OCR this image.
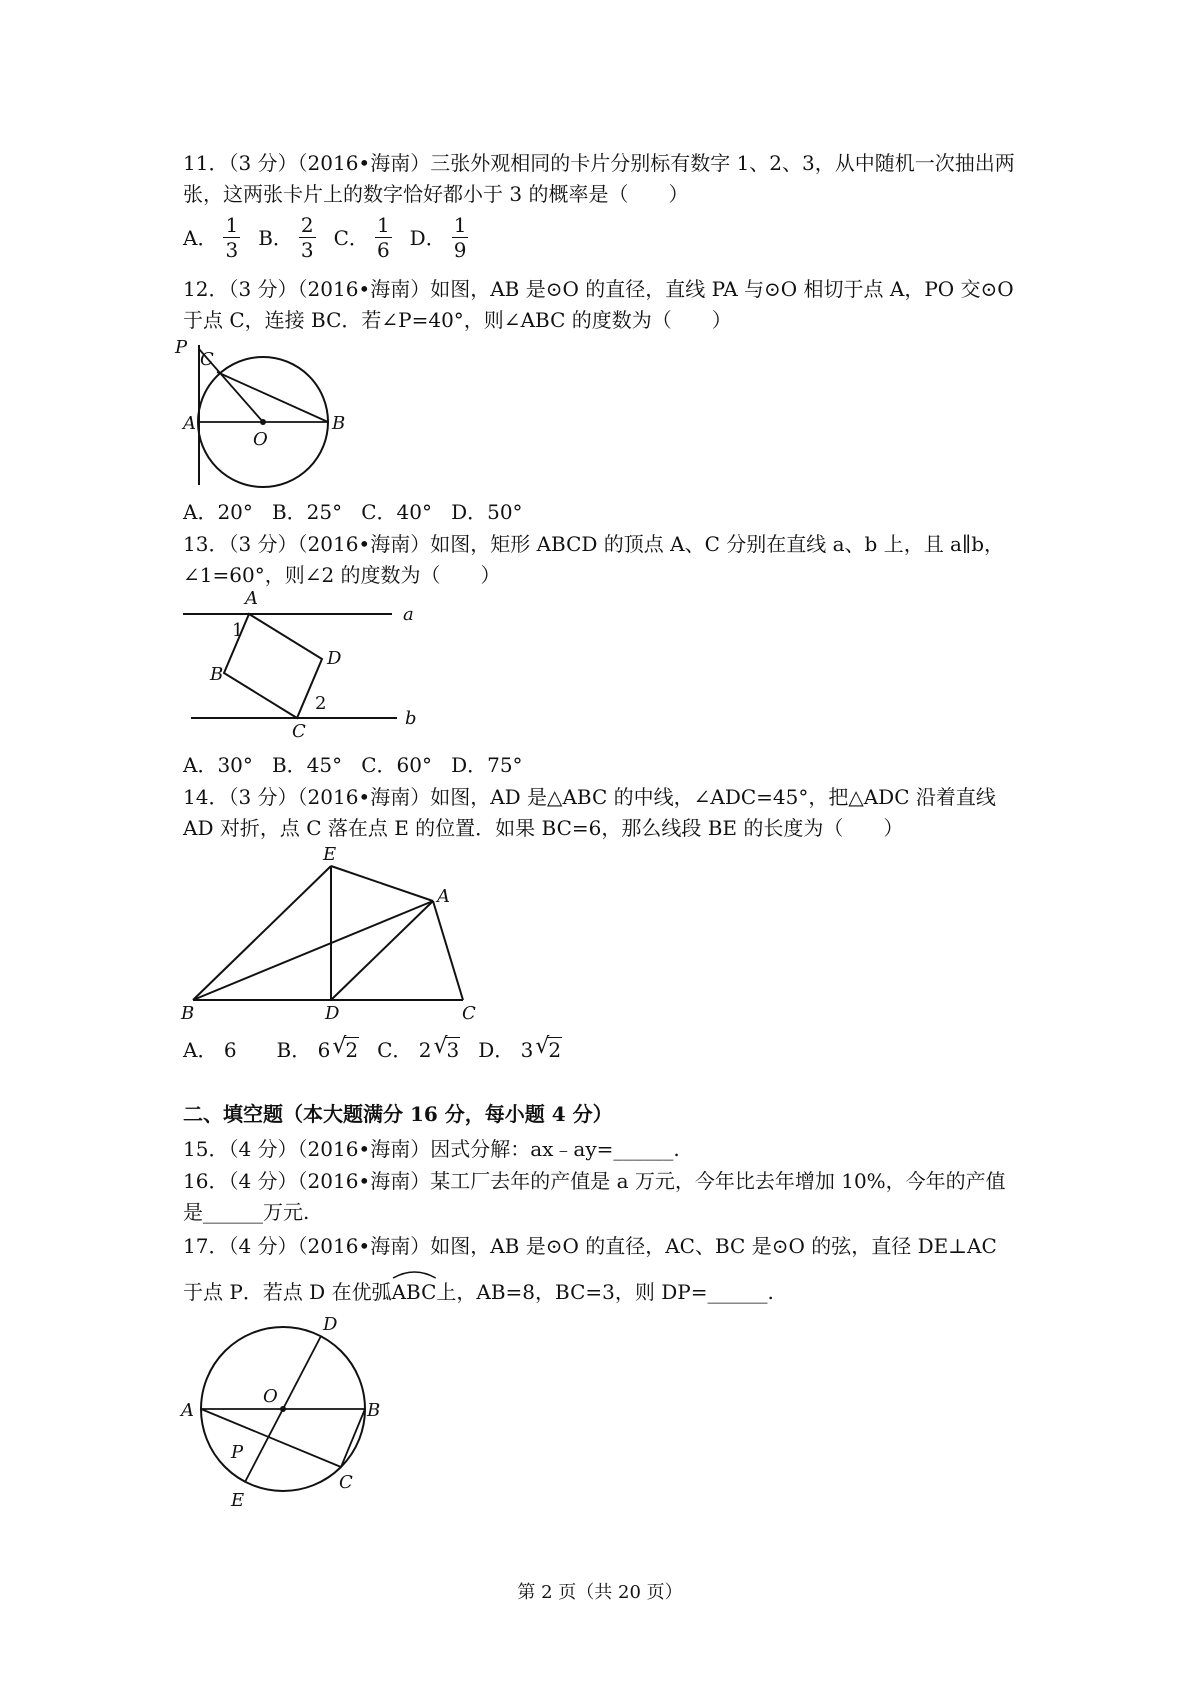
11．（3 分）（2016•海南）三张外观相同的卡片分别标有数字 1、2、3，从中随机一次抽出两
张，这两张卡片上的数字恰好都小于 3 的概率是（　　）
A． $\frac{1}{3}$ B． $\frac{2}{3}$ C． $\frac{1}{6}$ D． $\frac{1}{9}$
12．（3 分）（2016•海南）如图，AB 是⊙O 的直径，直线 PA 与⊙O 相切于点 A，PO 交⊙O
于点 C，连接 BC．若∠P=40°，则∠ABC 的度数为（　　）
P
C
A
O
B
A．20° B．25° C．40° D．50°
13．（3 分）（2016•海南）如图，矩形 ABCD 的顶点 A、C 分别在直线 a、b 上，且 a∥b，
∠1=60°，则∠2 的度数为（　　）
A
1
B
D
2
C
a
b
A．30° B．45° C．60° D．75°
14．（3 分）（2016•海南）如图，AD 是△ABC 的中线，∠ADC=45°，把△ADC 沿着直线
AD 对折，点 C 落在点 E 的位置．如果 BC=6，那么线段 BE 的长度为（　　）
E
A
B	D	C
A．
6 B．
6 √
2 C．
2 √
3 D．
3 √
2
二、填空题（本大题满分 16 分，每小题 4 分）
15．（4 分）（2016•海南）因式分解：ax﹣ay=______.
16．（4 分）（2016•海南）某工厂去年的产值是 a 万元，今年比去年增加 10%，今年的产值
是______万元.
17．（4 分）（2016•海南）如图，AB 是⊙O 的直径，AC、BC 是⊙O 的弦，直径 DE⊥AC
于点 P．若点 D 在优弧
ABC上，AB=8，BC=3，则 DP=______.
D
O
A	B
P
C
E
第 2 页（共 20 页）
